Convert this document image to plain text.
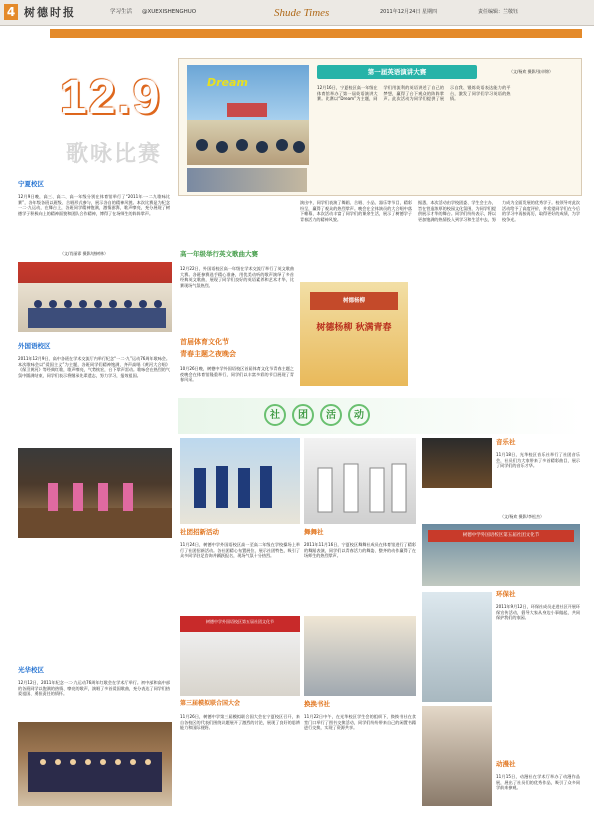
4 树德时报	学习生活 @XUEXISHENGHUO	Shude Times	2011年12月24日 星期四	责任编辑：兰敬钰
12.9
歌咏比赛
宁夏校区
12月9日晚，高三、高二、高一年级分别在体育馆举行了“2011年一·二九歌咏比赛”，各年级各班以班级、合唱形式参与，展示各自的精神风貌。本次比赛是为纪念一二·九运动，在舞台上，各班同学精神饱满，激情澎湃，歌声嘹亮，充分展现了树德学子积极向上的精神面貌和团队合作精神，博得了在场师生的阵阵掌声。
（文/肖丽霏 摄影/唐树林）
外国语校区
2011年12月9日，高中各班在学术交流厅内举行纪念“一二·九”运动76周年歌咏会。本次歌咏会以“爱国主义”为主题，各班同学们精神饱满，齐声高唱《黄河大合唱》《保卫黄河》等经典红歌，歌声嘹亮，气势恢宏，台下掌声雷动。歌咏会在热烈的气氛中圆满结束，同学们表示将继承先辈遗志，努力学习，报效祖国。
光华校区
12月12日，2011年纪念一二·九运动76周年红歌会在学术厅举行。初中部和高中部的各班同学以饱满的热情、嘹亮的歌声，演唱了多首爱国歌曲，充分表达了同学们热爱祖国、勇担责任的情怀。
Dream
第一届英语演讲大赛	（文/杨欢 摄影/张卓锦）
12月16日，宁夏校区高一年级在体育馆举办了第一届英语演讲大赛。比赛以“Dream”为主题，同学们用流利的英语讲述了自己的梦想，赢得了台下观众的阵阵掌声。此次活动为同学们提供了展示自我、锻炼英语表达能力的平台，激发了同学们学习英语的热情。
高一年级举行英文歌曲大赛
12月22日，外国语校区高一年级在学术交流厅举行了英文歌曲大赛。各班参赛选手精心准备，用优美动听的歌声演绎了多首经典英文歌曲，展现了同学们良好的英语素养和艺术才华，比赛现场气氛热烈。
首届体育文化节
青春主题之夜晚会
10月26日晚，树德中学外国语校区首届体育文化节青春主题之夜晚会在体育馆隆重举行，同学们以丰富多彩的节目展现了青春风采。
演出中，同学们表演了舞蹈、合唱、小品、器乐等节目，精彩纷呈，赢得了观众的热烈掌声。晚会在全体演员的大合唱中落下帷幕，本次活动丰富了同学们的课余生活，展示了树德学子青春活力的精神风貌。
树德杨柳
树德杨柳 秋满青春
据悉，本次活动由学校团委、学生会主办，旨在营造浓厚的校园文化氛围，为同学们提供展示才华的舞台。同学们纷纷表示，将以更加饱满的热情投入到学习和生活中去，努力成为全面发展的优秀学子。校领导对此次活动给予了高度评价，并希望同学们在今后的学习中再接再厉，取得更好的成绩，为学校争光。
社	团	活	动
音乐社
11月18日，光华校区音乐社举行了社团音乐会，社员们为大家带来了多首精彩曲目，展示了同学们的音乐才华。
（文/杨欢 摄影/李松杰）
社团招新活动
11月24日，树德中学外国语校区高一至高二年级在学校操场上举行了社团招新活动。各社团精心布置展位，展示社团特色，吸引了众多同学驻足咨询并踊跃报名，现场气氛十分热烈。
舞舞社
2011年11月16日，宁夏校区舞舞社成员在体育馆进行了精彩的舞蹈表演，同学们以青春活力的舞姿、整齐的动作赢得了在场师生的热烈掌声。
树德中学外国语校区第五届社团文化节
环保社
2011年9月12日，环保社成员走进社区开展环保宣传活动，倡导大家从身边小事做起，共同保护我们的家园。
树德中学外国语校区第五届社团文化节
第三届模拟联合国大会
11月26日，树德中学第三届模拟联合国大会在宁夏校区召开，来自各校区的代表们围绕议题展开了激烈的讨论，展现了良好的思辨能力和国际视野。
换换书社
11月22日中午，在光华校区学生会的组织下，换换书社在食堂门口举行了图书交换活动，同学们纷纷带来自己的闲置书籍进行交换，实现了资源共享。
动漫社
11月15日，动漫社在学术厅举办了动漫作品展，展出了社员们的优秀作品，吸引了众多同学前来参观。
